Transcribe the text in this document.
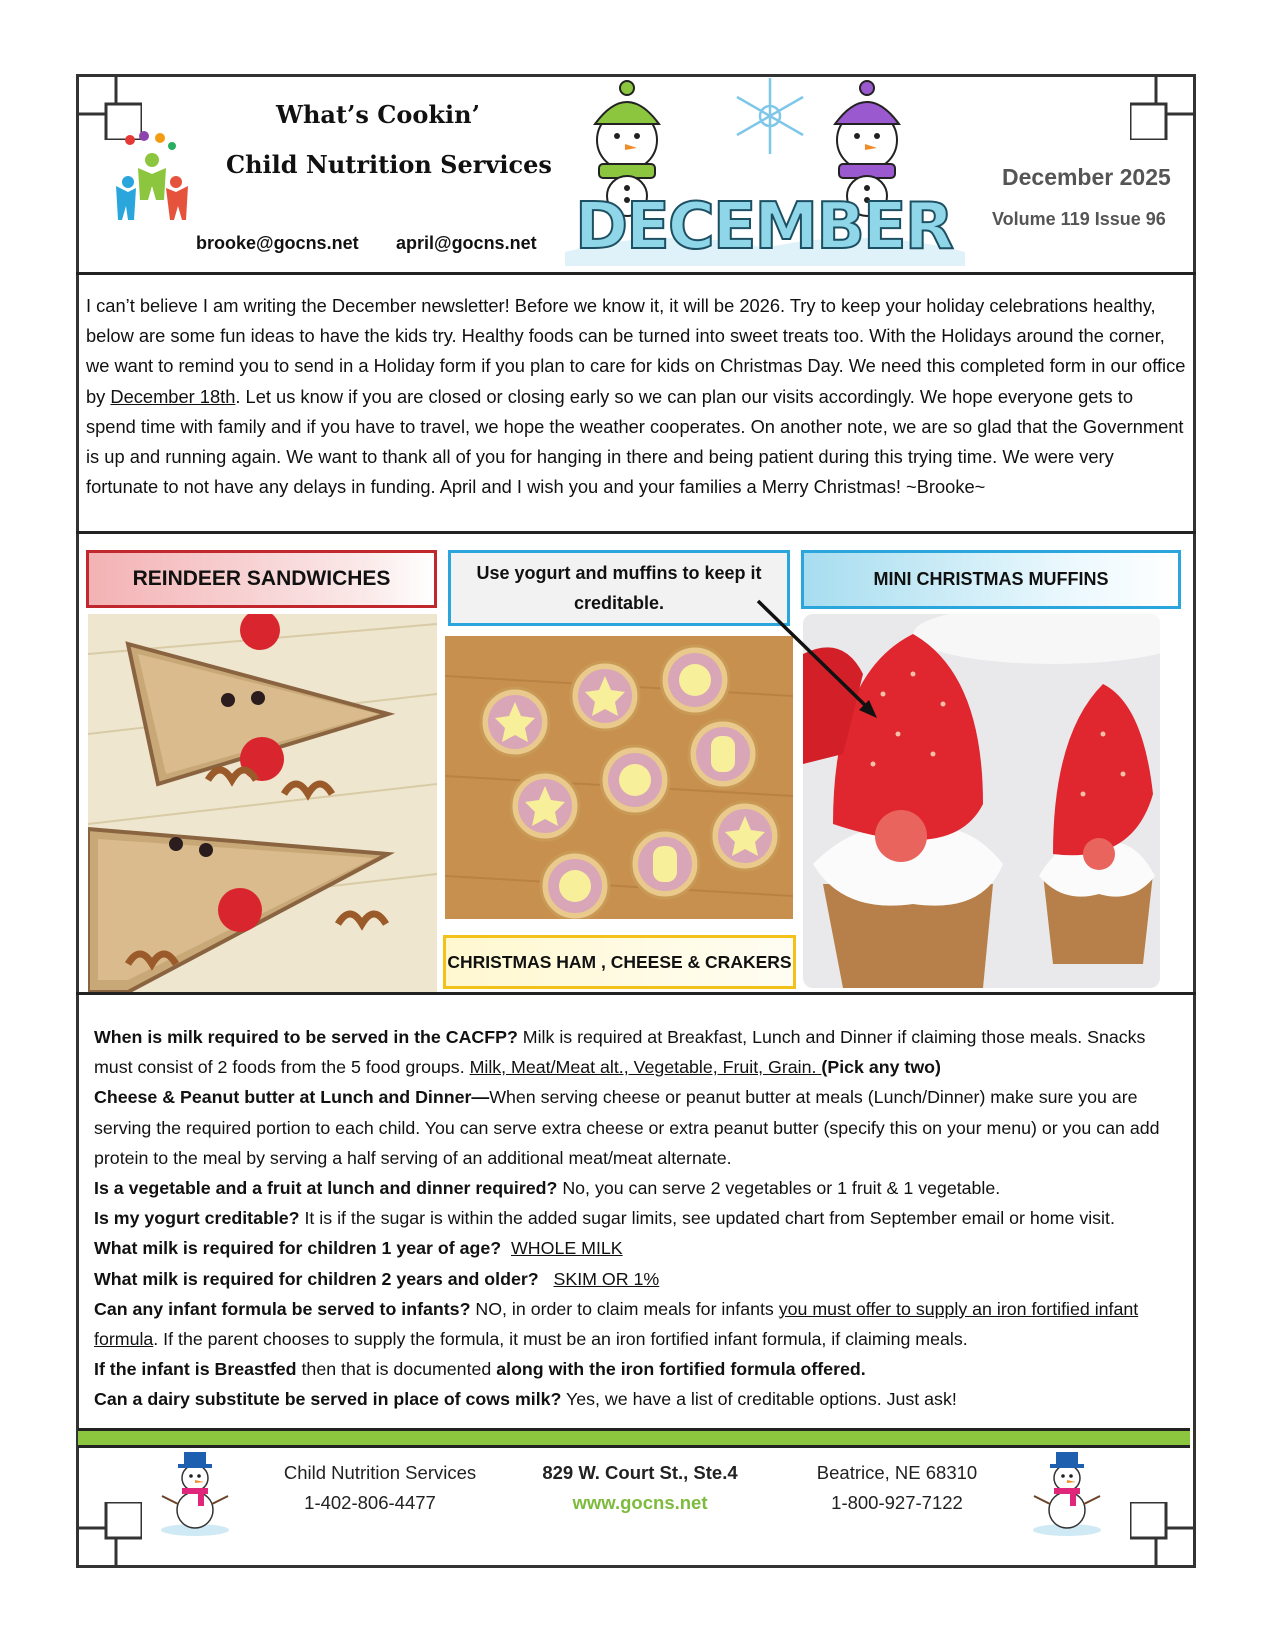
What’s Cookin’
Child Nutrition Services
brooke@gocns.net april@gocns.net DECEMBER
December 2025
Volume 119 Issue 96
I can’t believe I am writing the December newsletter! Before we know it, it will be 2026. Try to keep your holiday celebrations healthy, below are some fun ideas to have the kids try. Healthy foods can be turned into sweet treats too. With the Holidays around the corner, we want to remind you to send in a Holiday form if you plan to care for kids on Christmas Day. We need this completed form in our office by December 18th. Let us know if you are closed or closing early so we can plan our visits accordingly. We hope everyone gets to spend time with family and if you have to travel, we hope the weather cooperates. On another note, we are so glad that the Government is up and running again. We want to thank all of you for hanging in there and being patient during this trying time. We were very fortunate to not have any delays in funding. April and I wish you and your families a Merry Christmas! ~Brooke~
REINDEER SANDWICHES	Use yogurt and muffins to keep it creditable.
MINI CHRISTMAS MUFFINS
CHRISTMAS HAM , CHEESE & CRAKERS

When is milk required to be served in the CACFP? Milk is required at Breakfast, Lunch and Dinner if claiming those meals. Snacks must consist of 2 foods from the 5 food groups. Milk, Meat/Meat alt., Vegetable, Fruit, Grain. (Pick any two)

Cheese & Peanut butter at Lunch and Dinner—When serving cheese or peanut butter at meals (Lunch/Dinner) make sure you are serving the required portion to each child. You can serve extra cheese or extra peanut butter (specify this on your menu) or you can add protein to the meal by serving a half serving of an additional meat/meat alternate.

Is a vegetable and a fruit at lunch and dinner required? No, you can serve 2 vegetables or 1 fruit & 1 vegetable.

Is my yogurt creditable? It is if the sugar is within the added sugar limits, see updated chart from September email or home visit.

What milk is required for children 1 year of age? WHOLE MILK

What milk is required for children 2 years and older? SKIM OR 1%

Can any infant formula be served to infants? NO, in order to claim meals for infants you must offer to supply an iron fortified infant formula. If the parent chooses to supply the formula, it must be an iron fortified infant formula, if claiming meals.

If the infant is Breastfed then that is documented along with the iron fortified formula offered.

Can a dairy substitute be served in place of cows milk? Yes, we have a list of creditable options. Just ask!

Child Nutrition Services
1-402-806-4477
829 W. Court St., Ste.4
www.gocns.net
Beatrice, NE 68310
1-800-927-7122
